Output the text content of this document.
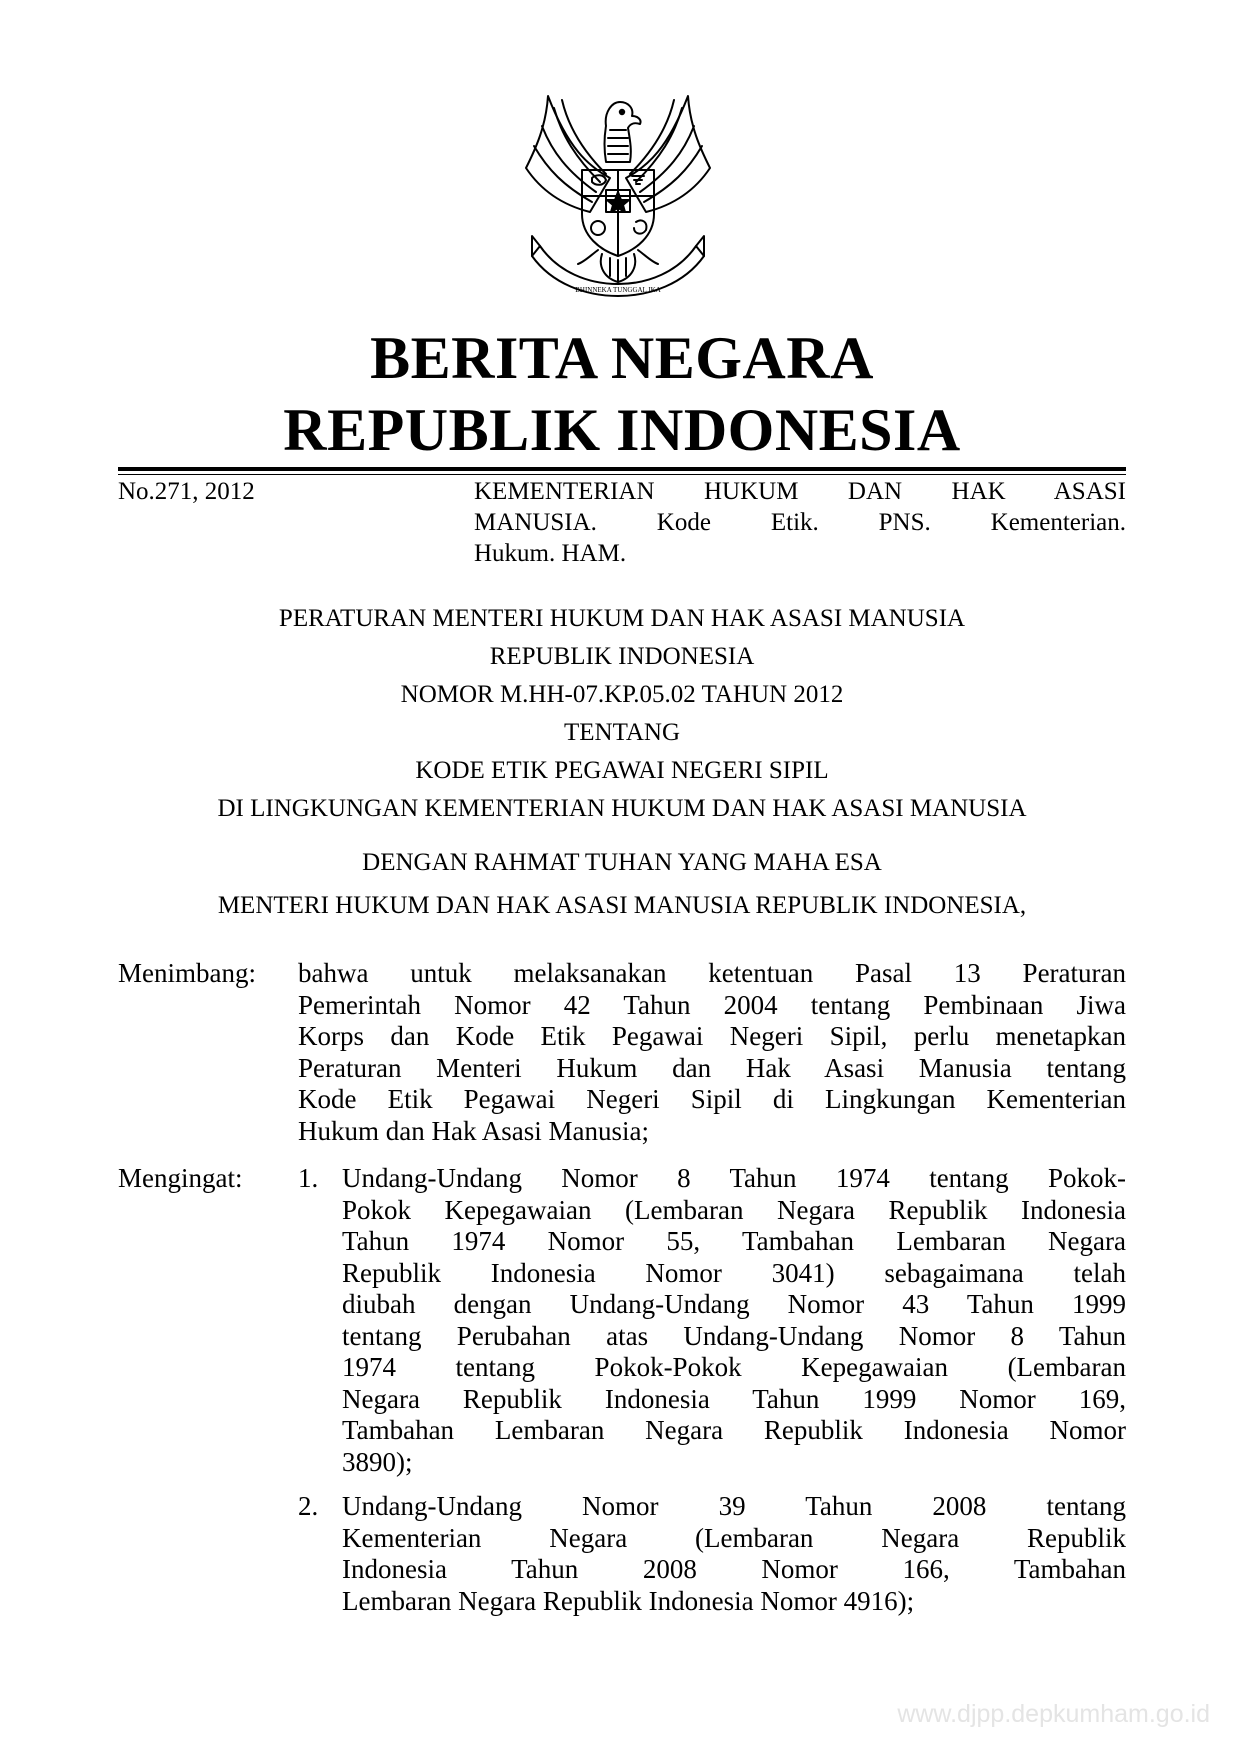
BHINNEKA TUNGGAL IKA
BERITA NEGARA
REPUBLIK INDONESIA
No.271, 2012	KEMENTERIAN HUKUM DAN HAK ASASI
MANUSIA. Kode Etik. PNS. Kementerian.
Hukum. HAM.
PERATURAN MENTERI HUKUM DAN HAK ASASI MANUSIA
REPUBLIK INDONESIA
NOMOR M.HH-07.KP.05.02 TAHUN 2012
TENTANG
KODE ETIK PEGAWAI NEGERI SIPIL
DI LINGKUNGAN KEMENTERIAN HUKUM DAN HAK ASASI MANUSIA
DENGAN RAHMAT TUHAN YANG MAHA ESA
MENTERI HUKUM DAN HAK ASASI MANUSIA REPUBLIK INDONESIA,
Menimbang: bahwa untuk melaksanakan ketentuan Pasal 13 Peraturan
Pemerintah Nomor 42 Tahun 2004 tentang Pembinaan Jiwa
Korps dan Kode Etik Pegawai Negeri Sipil, perlu menetapkan
Peraturan Menteri Hukum dan Hak Asasi Manusia tentang
Kode Etik Pegawai Negeri Sipil di Lingkungan Kementerian
Hukum dan Hak Asasi Manusia;
Mengingat: 1. Undang-Undang Nomor 8 Tahun 1974 tentang Pokok-
Pokok Kepegawaian (Lembaran Negara Republik Indonesia
Tahun 1974 Nomor 55, Tambahan Lembaran Negara
Republik Indonesia Nomor 3041) sebagaimana telah
diubah dengan Undang-Undang Nomor 43 Tahun 1999
tentang Perubahan atas Undang-Undang Nomor 8 Tahun
1974 tentang Pokok-Pokok Kepegawaian (Lembaran
Negara Republik Indonesia Tahun 1999 Nomor 169,
Tambahan Lembaran Negara Republik Indonesia Nomor
3890);
2. Undang-Undang Nomor 39 Tahun 2008 tentang
Kementerian Negara (Lembaran Negara Republik
Indonesia Tahun 2008 Nomor 166, Tambahan
Lembaran Negara Republik Indonesia Nomor 4916);
www.djpp.depkumham.go.id
